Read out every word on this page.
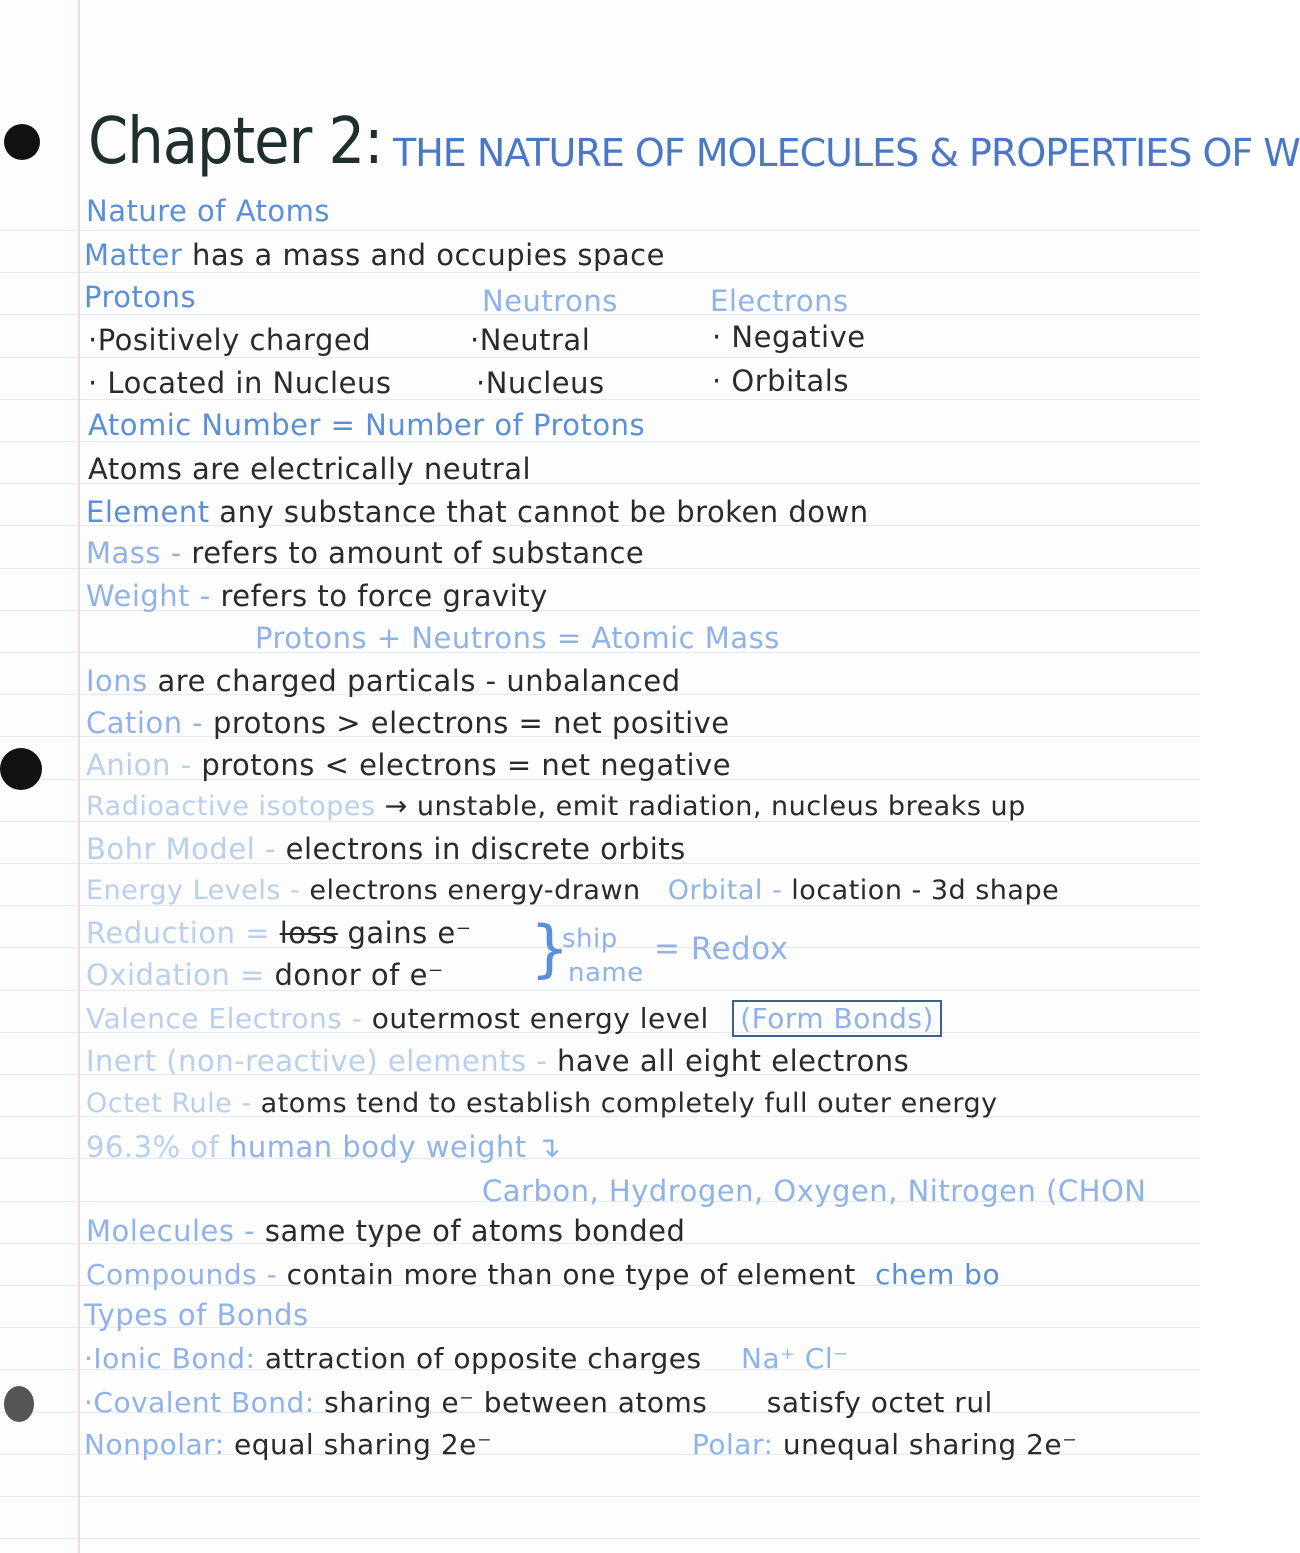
Chapter 2: THE NATURE OF MOLECULES & PROPERTIES OF W
Nature of Atoms
Matter has a mass and occupies space
Protons	Neutrons	Electrons
·Positively charged	·Neutral	· Negative
· Located in Nucleus	·Nucleus	· Orbitals
Atomic Number = Number of Protons
Atoms are electrically neutral
Element any substance that cannot be broken down
Mass - refers to amount of substance
Weight - refers to force gravity
Protons + Neutrons = Atomic Mass
Ions are charged particals - unbalanced
Cation - protons > electrons = net positive
Anion - protons < electrons = net negative
Radioactive isotopes → unstable, emit radiation, nucleus breaks up
Bohr Model - electrons in discrete orbits
Energy Levels - electrons energy-drawn Orbital - location - 3d shape
Reduction = loss gains e⁻
Oxidation = donor of e⁻ }
ship
name
= Redox
Valence Electrons - outermost energy level (Form Bonds)
Inert (non-reactive) elements - have all eight electrons
Octet Rule - atoms tend to establish completely full outer energy
96.3% of human body weight ↴
Carbon, Hydrogen, Oxygen, Nitrogen (CHON
Molecules - same type of atoms bonded
Compounds - contain more than one type of element chem bo
Types of Bonds
·Ionic Bond: attraction of opposite charges Na⁺ Cl⁻
·Covalent Bond: sharing e⁻ between atoms satisfy octet rul
Nonpolar: equal sharing 2e⁻	Polar: unequal sharing 2e⁻
